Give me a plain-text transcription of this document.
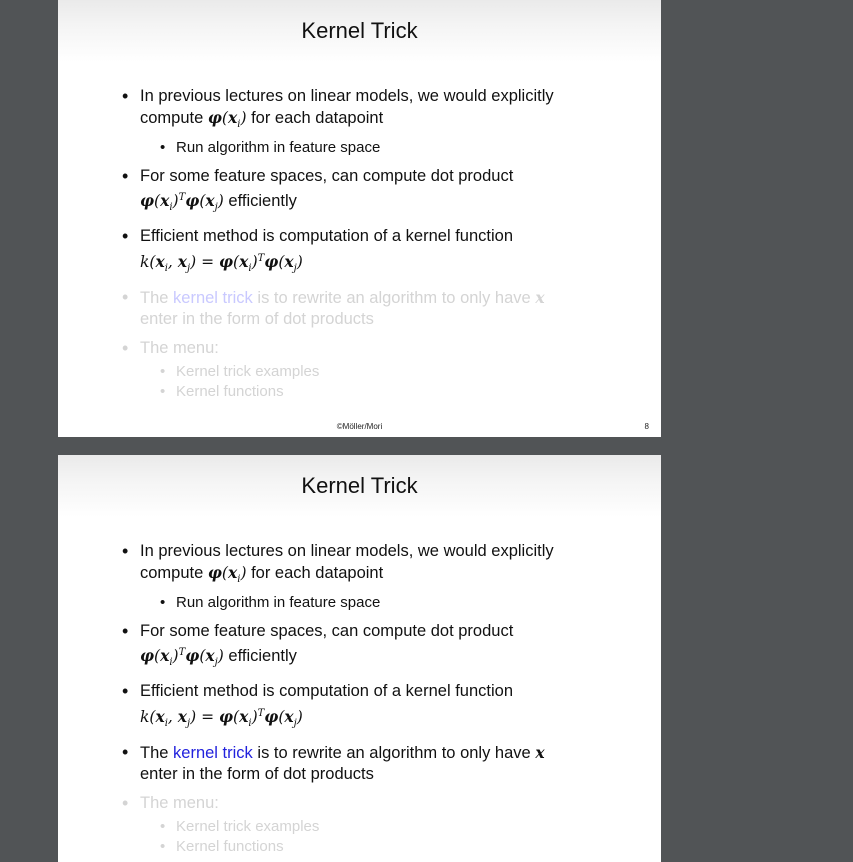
Kernel Trick
• In previous lectures on linear models, we would explicitly
compute $\varphi(x_i)$ for each datapoint
• Run algorithm in feature space
• For some feature spaces, can compute dot product
$\varphi(x_i)^T\varphi(x_j)$ efficiently
• Efficient method is computation of a kernel function
$k(x_i$, $x_j) = \varphi(x_i)^T\varphi(x_j)$
• The kernel trick is to rewrite an algorithm to only have x
enter in the form of dot products
• The menu:
• Kernel trick examples
• Kernel functions
©Möller/Mori	8
Kernel Trick
• In previous lectures on linear models, we would explicitly
compute $\varphi(x_i)$ for each datapoint
• Run algorithm in feature space
• For some feature spaces, can compute dot product
$\varphi(x_i)^T\varphi(x_j)$ efficiently
• Efficient method is computation of a kernel function
$k(x_i$, $x_j) = \varphi(x_i)^T\varphi(x_j)$
• The kernel trick is to rewrite an algorithm to only have x
enter in the form of dot products
• The menu:
• Kernel trick examples
• Kernel functions
